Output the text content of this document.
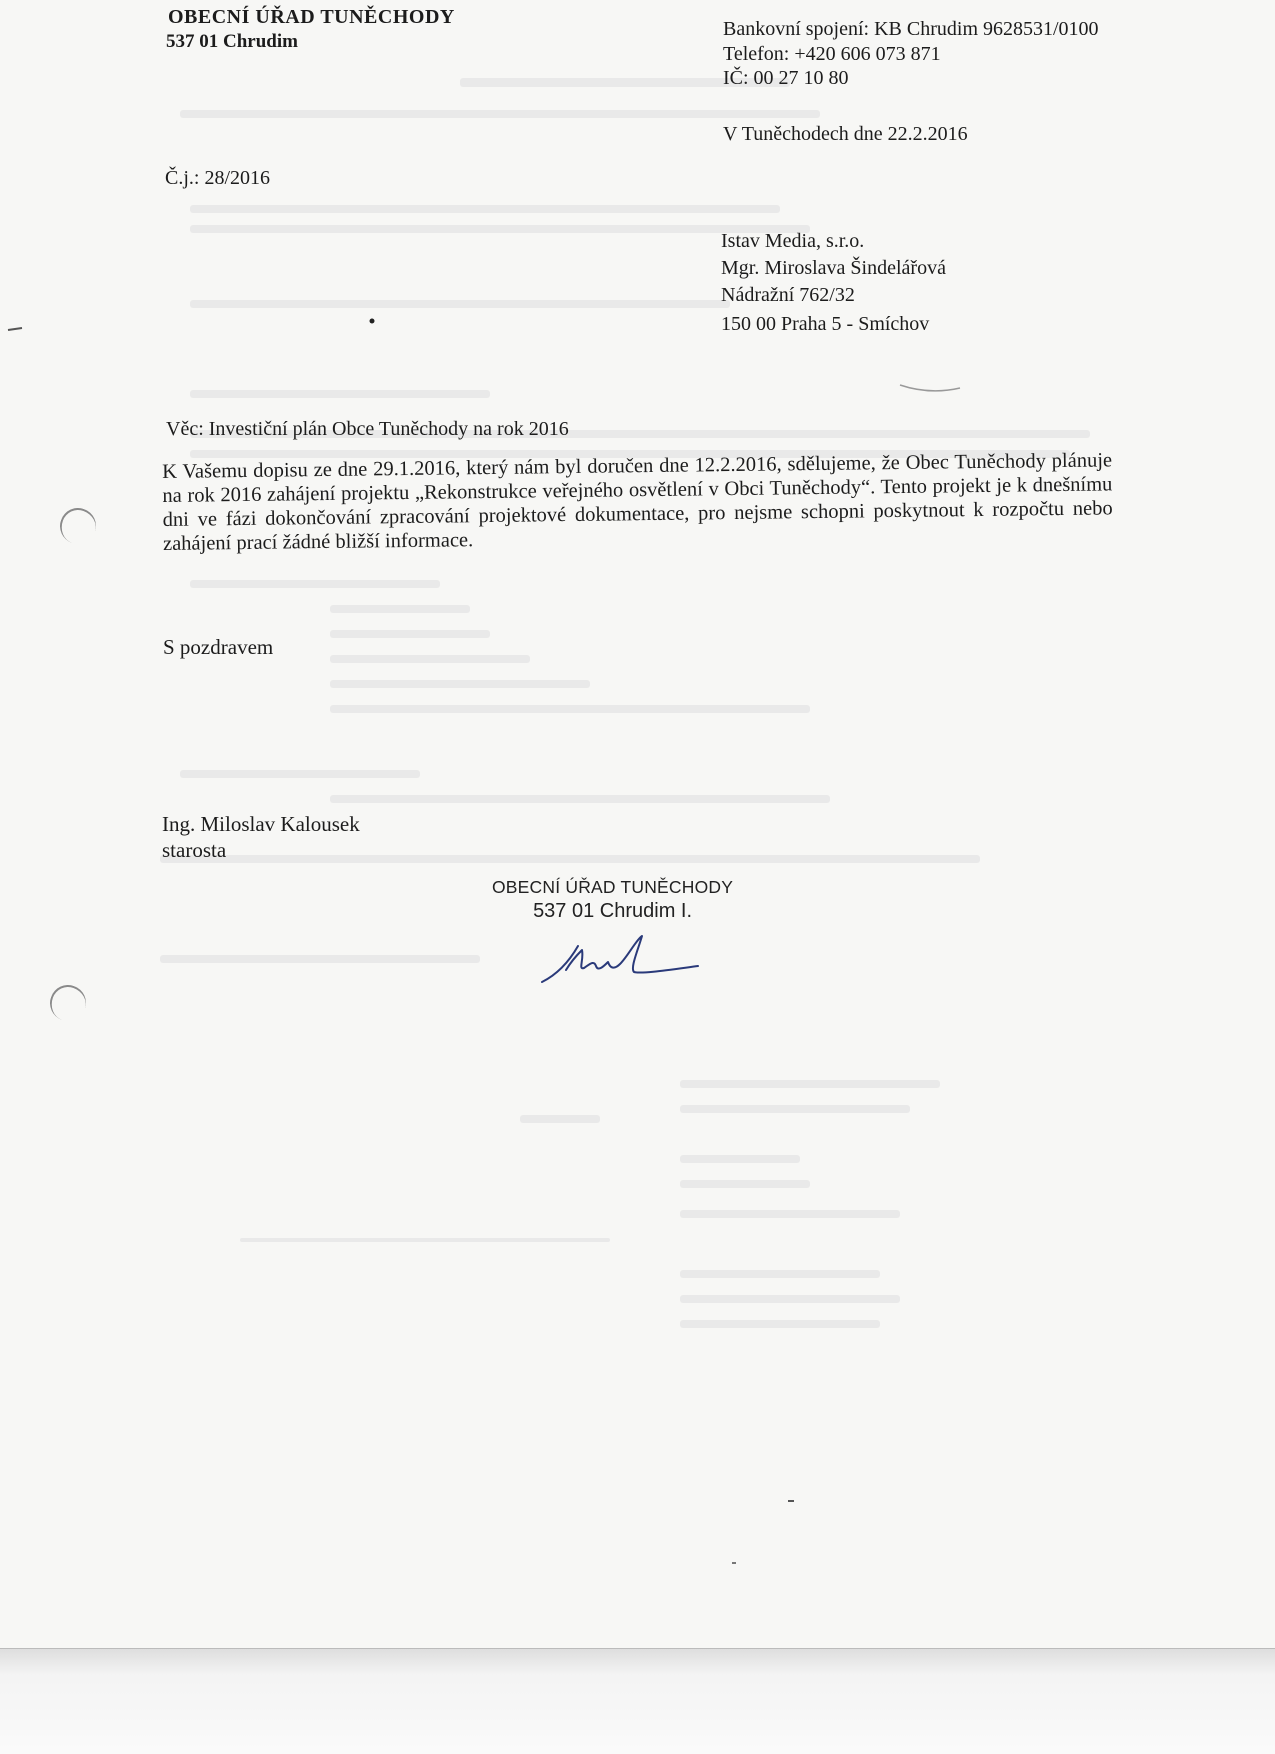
OBECNÍ ÚŘAD TUNĚCHODY
537 01 Chrudim
Bankovní spojení: KB Chrudim 9628531/0100
Telefon: +420 606 073 871
IČ: 00 27 10 80
V Tuněchodech dne 22.2.2016
Č.j.: 28/2016
Istav Media, s.r.o.
Mgr. Miroslava Šindelářová
Nádražní 762/32
150 00 Praha 5 - Smíchov
Věc: Investiční plán Obce Tuněchody na rok 2016
K Vašemu dopisu ze dne 29.1.2016, který nám byl doručen dne 12.2.2016, sdělujeme, že Obec Tuněchody plánuje na rok 2016 zahájení projektu „Rekonstrukce veřejného osvětlení v Obci Tuněchody“. Tento projekt je k dnešnímu dni ve fázi dokončování zpracování projektové dokumentace, pro nejsme schopni poskytnout k rozpočtu nebo zahájení prací žádné bližší informace.
S pozdravem
Ing. Miloslav Kalousek
starosta
OBECNÍ ÚŘAD TUNĚCHODY
537 01 Chrudim I.
